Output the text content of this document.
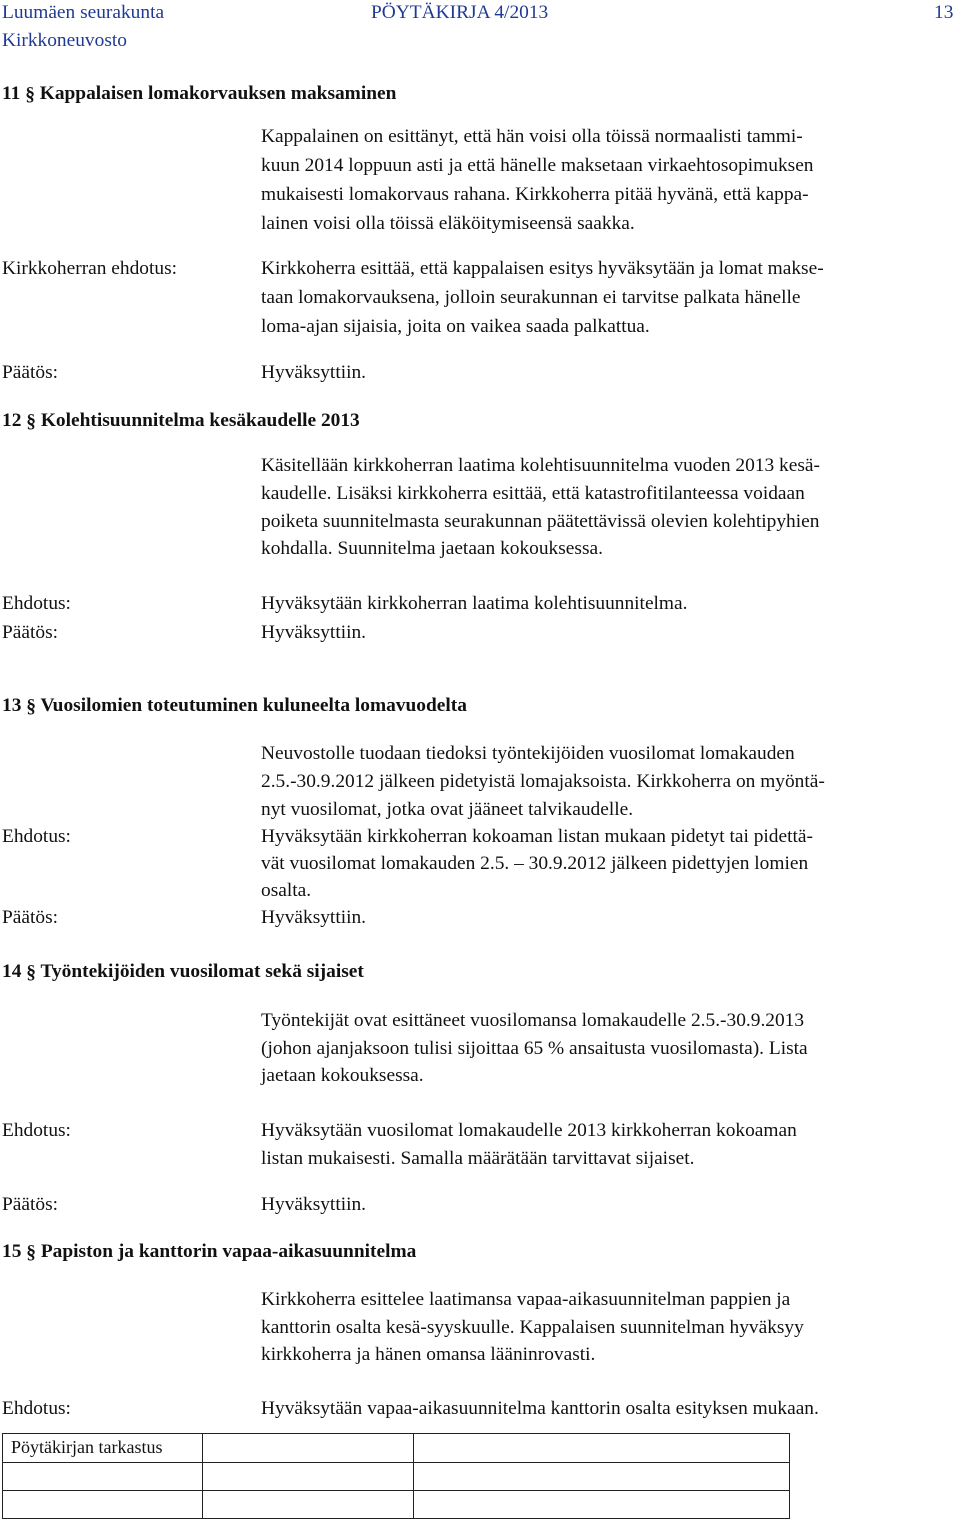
Luumäen seurakunta	PÖYTÄKIRJA 4/2013	13
Kirkkoneuvosto
11 § Kappalaisen lomakorvauksen maksaminen
Kappalainen on esittänyt, että hän voisi olla töissä normaalisti tammi-
kuun 2014 loppuun asti ja että hänelle maksetaan virkaehtosopimuksen
mukaisesti lomakorvaus rahana. Kirkkoherra pitää hyvänä, että kappa-
lainen voisi olla töissä eläköitymiseensä saakka.
Kirkkoherran ehdotus:	Kirkkoherra esittää, että kappalaisen esitys hyväksytään ja lomat makse-
taan lomakorvauksena, jolloin seurakunnan ei tarvitse palkata hänelle
loma-ajan sijaisia, joita on vaikea saada palkattua.
Päätös:	Hyväksyttiin.
12 § Kolehtisuunnitelma kesäkaudelle 2013
Käsitellään kirkkoherran laatima kolehtisuunnitelma vuoden 2013 kesä-
kaudelle. Lisäksi kirkkoherra esittää, että katastrofitilanteessa voidaan
poiketa suunnitelmasta seurakunnan päätettävissä olevien kolehtipyhien
kohdalla. Suunnitelma jaetaan kokouksessa.
Ehdotus:	Hyväksytään kirkkoherran laatima kolehtisuunnitelma.
Päätös:	Hyväksyttiin.
13 § Vuosilomien toteutuminen kuluneelta lomavuodelta
Neuvostolle tuodaan tiedoksi työntekijöiden vuosilomat lomakauden
2.5.-30.9.2012 jälkeen pidetyistä lomajaksoista. Kirkkoherra on myöntä-
nyt vuosilomat, jotka ovat jääneet talvikaudelle.
Ehdotus:	Hyväksytään kirkkoherran kokoaman listan mukaan pidetyt tai pidettä-
vät vuosilomat lomakauden 2.5. – 30.9.2012 jälkeen pidettyjen lomien
osalta.
Päätös:	Hyväksyttiin.
14 § Työntekijöiden vuosilomat sekä sijaiset
Työntekijät ovat esittäneet vuosilomansa lomakaudelle 2.5.-30.9.2013
(johon ajanjaksoon tulisi sijoittaa 65 % ansaitusta vuosilomasta). Lista
jaetaan kokouksessa.
Ehdotus:	Hyväksytään vuosilomat lomakaudelle 2013 kirkkoherran kokoaman
listan mukaisesti. Samalla määrätään tarvittavat sijaiset.
Päätös:	Hyväksyttiin.
15 § Papiston ja kanttorin vapaa-aikasuunnitelma
Kirkkoherra esittelee laatimansa vapaa-aikasuunnitelman pappien ja
kanttorin osalta kesä-syyskuulle. Kappalaisen suunnitelman hyväksyy
kirkkoherra ja hänen omansa lääninrovasti.
Ehdotus:	Hyväksytään vapaa-aikasuunnitelma kanttorin osalta esityksen mukaan.
Pöytäkirjan tarkastus
